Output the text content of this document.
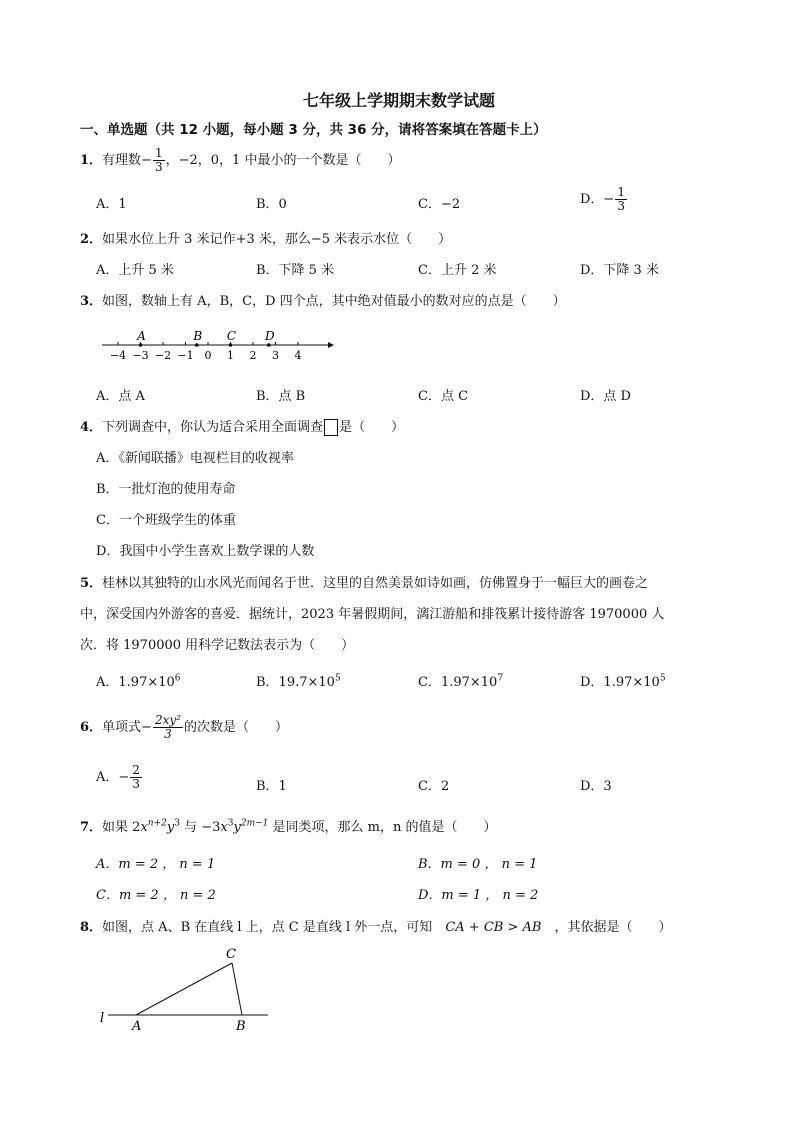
七年级上学期期末数学试题
一、单选题（共 12 小题，每小题 3 分，共 36 分，请将答案填在答题卡上）
1．有理数− $\frac{1}{3}$ ，−2，0，1 中最小的一个数是（　　）
A．1	B．0	C．−2	D．− $\frac{1}{3}$
2．如果水位上升 3 米记作+3 米，那么−5 米表示水位（　　）
A．上升 5 米	B．下降 5 米	C．上升 2 米	D．下降 3 米
3．如图，数轴上有 A，B，C，D 四个点，其中绝对值最小的数对应的点是（　　）
−4 −3 −2 −1 0 1 2 3 4
A	B C D
A．点 A	B．点 B	C．点 C	D．点 D
4．下列调查中，你认为适合采用全面调查 是（　　）
A．《新闻联播》电视栏目的收视率
B．一批灯泡的使用寿命
C．一个班级学生的体重
D．我国中小学生喜欢上数学课的人数
5．桂林以其独特的山水风光而闻名于世．这里的自然美景如诗如画，仿佛置身于一幅巨大的画卷之
中，深受国内外游客的喜爱．据统计，2023 年暑假期间，漓江游船和排筏累计接待游客 1970000 人
次．将 1970000 用科学记数法表示为（　　）
A．$1.97\times 10^6$	B．$19.7\times 10^5$	C．$1.97\times 10^7$	D．$1.97\times 10^5$
6．单项式− $\frac{\text{2xy²}}{3}$ 的次数是（　　）
A．− $\frac{2}{3}$	B．1	C．2	D．3
7．如果 $2x^{n+2}y^3$ 与 $-3x^3y^{2m-1}$ 是同类项，那么 m，n 的值是（　　）
A．m = 2 ， n = 1	B．m = 0 ， n = 1
C．m = 2 ， n = 2	D．m = 1 ， n = 2
8．如图，点 A、B 在直线 l 上，点 C 是直线 l 外一点，可知　 CA + CB > AB　 ，其依据是（　　）
l
A	B
C
